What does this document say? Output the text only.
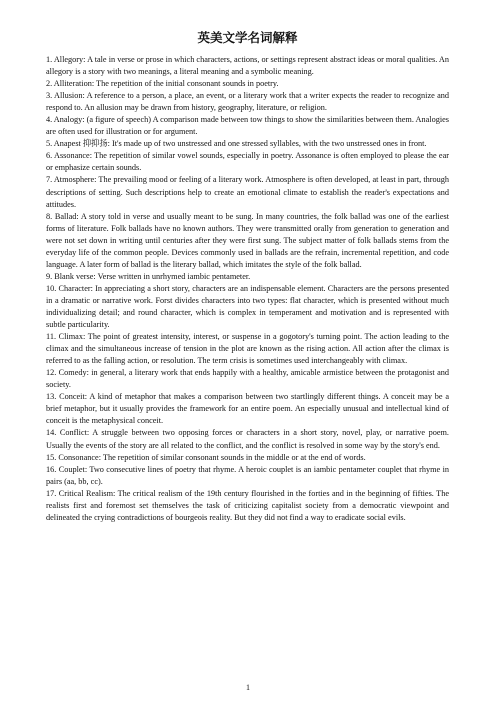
英美文学名词解释

1. Allegory: A tale in verse or prose in which characters, actions, or settings represent abstract ideas or moral qualities. An allegory is a story with two meanings, a literal meaning and a symbolic meaning.

2. Alliteration: The repetition of the initial consonant sounds in poetry.

3. Allusion: A reference to a person, a place, an event, or a literary work that a writer expects the reader to recognize and respond to. An allusion may be drawn from history, geography, literature, or religion.

4. Analogy: (a figure of speech) A comparison made between tow things to show the similarities between them. Analogies are often used for illustration or for argument.

5. Anapest 抑抑扬: It's made up of two unstressed and one stressed syllables, with the two unstressed ones in front.

6. Assonance: The repetition of similar vowel sounds, especially in poetry. Assonance is often employed to please the ear or emphasize certain sounds.

7. Atmosphere: The prevailing mood or feeling of a literary work. Atmosphere is often developed, at least in part, through descriptions of setting. Such descriptions help to create an emotional climate to establish the reader's expectations and attitudes.

8. Ballad: A story told in verse and usually meant to be sung. In many countries, the folk ballad was one of the earliest forms of literature. Folk ballads have no known authors. They were transmitted orally from generation to generation and were not set down in writing until centuries after they were first sung. The subject matter of folk ballads stems from the everyday life of the common people. Devices commonly used in ballads are the refrain, incremental repetition, and code language. A later form of ballad is the literary ballad, which imitates the style of the folk ballad.

9. Blank verse: Verse written in unrhymed iambic pentameter.

10. Character: In appreciating a short story, characters are an indispensable element. Characters are the persons presented in a dramatic or narrative work. Forst divides characters into two types: flat character, which is presented without much individualizing detail; and round character, which is complex in temperament and motivation and is represented with subtle particularity.

11. Climax: The point of greatest intensity, interest, or suspense in a gogotory's turning point. The action leading to the climax and the simultaneous increase of tension in the plot are known as the rising action. All action after the climax is referred to as the falling action, or resolution. The term crisis is sometimes used interchangeably with climax.

12. Comedy: in general, a literary work that ends happily with a healthy, amicable armistice between the protagonist and society.

13. Conceit: A kind of metaphor that makes a comparison between two startlingly different things. A conceit may be a brief metaphor, but it usually provides the framework for an entire poem. An especially unusual and intellectual kind of conceit is the metaphysical conceit.

14. Conflict: A struggle between two opposing forces or characters in a short story, novel, play, or narrative poem. Usually the events of the story are all related to the conflict, and the conflict is resolved in some way by the story's end.

15. Consonance: The repetition of similar consonant sounds in the middle or at the end of words.

16. Couplet: Two consecutive lines of poetry that rhyme. A heroic couplet is an iambic pentameter couplet that rhyme in pairs (aa, bb, cc).

17. Critical Realism: The critical realism of the 19th century flourished in the forties and in the beginning of fifties. The realists first and foremost set themselves the task of criticizing capitalist society from a democratic viewpoint and delineated the crying contradictions of bourgeois reality. But they did not find a way to eradicate social evils.

1
